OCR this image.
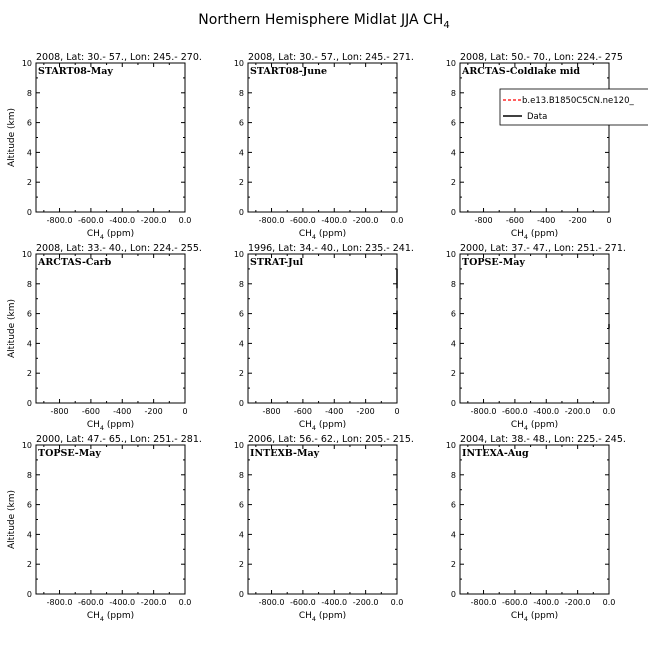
Northern Hemisphere Midlat JJA $CH_4$
2008, Lat: 30.- 57., Lon: 245.- 270.
START08-May
0
2
4
6
8
10
-800.0 -600.0 -400.0 -200.0 0.0
$CH_4$ (ppm)
Altitude (km)
2008, Lat: 30.- 57., Lon: 245.- 271.
START08-June
0
2
4
6
8
10
-800.0 -600.0 -400.0 -200.0 0.0
$CH_4$ (ppm)
2008, Lat: 50.- 70., Lon: 224.- 275
ARCTAS-Coldlake mid
0
2
4
6
8
10
-800 -600 -400 -200 0
$CH_4$ (ppm)
b.e13.B1850C5CN.ne120_
Data
2008, Lat: 33.- 40., Lon: 224.- 255.
ARCTAS-Carb
0
2
4
6
8
10
-800 -600 -400 -200 0
$CH_4$ (ppm)
Altitude (km)
1996, Lat: 34.- 40., Lon: 235.- 241.
STRAT-Jul
0
2
4
6
8
10
-800 -600 -400 -200 0
$CH_4$ (ppm)
2000, Lat: 37.- 47., Lon: 251.- 271.
TOPSE-May
0
2
4
6
8
10
-800.0 -600.0 -400.0 -200.0 0.0
$CH_4$ (ppm)
2000, Lat: 47.- 65., Lon: 251.- 281.
TOPSE-May
0
2
4
6
8
10
-800.0 -600.0 -400.0 -200.0 0.0
$CH_4$ (ppm)
Altitude (km)
2006, Lat: 56.- 62., Lon: 205.- 215.
INTEXB-May
0
2
4
6
8
10
-800.0 -600.0 -400.0 -200.0 0.0
$CH_4$ (ppm)
2004, Lat: 38.- 48., Lon: 225.- 245.
INTEXA-Aug
0
2
4
6
8
10
-800.0 -600.0 -400.0 -200.0 0.0
$CH_4$ (ppm)
